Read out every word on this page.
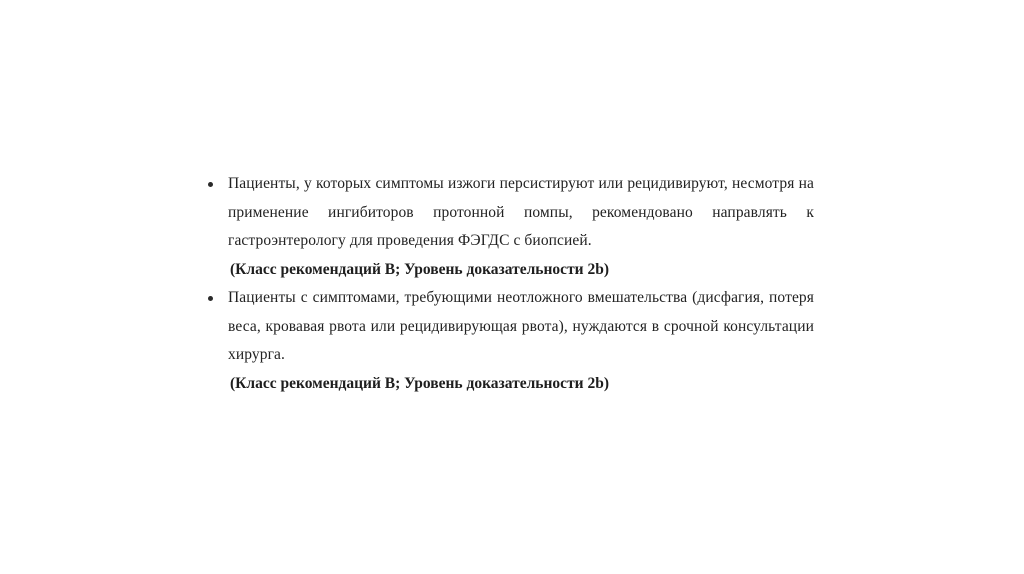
Пациенты, у которых симптомы изжоги персистируют или рецидивируют, несмотря на применение ингибиторов протонной помпы, рекомендовано направлять к гастроэнтерологу для проведения ФЭГДС с биопсией.
(Класс рекомендаций B; Уровень доказательности 2b)
Пациенты с симптомами, требующими неотложного вмешательства (дисфагия, потеря веса, кровавая рвота или рецидивирующая рвота), нуждаются в срочной консультации хирурга.
(Класс рекомендаций B; Уровень доказательности 2b)
